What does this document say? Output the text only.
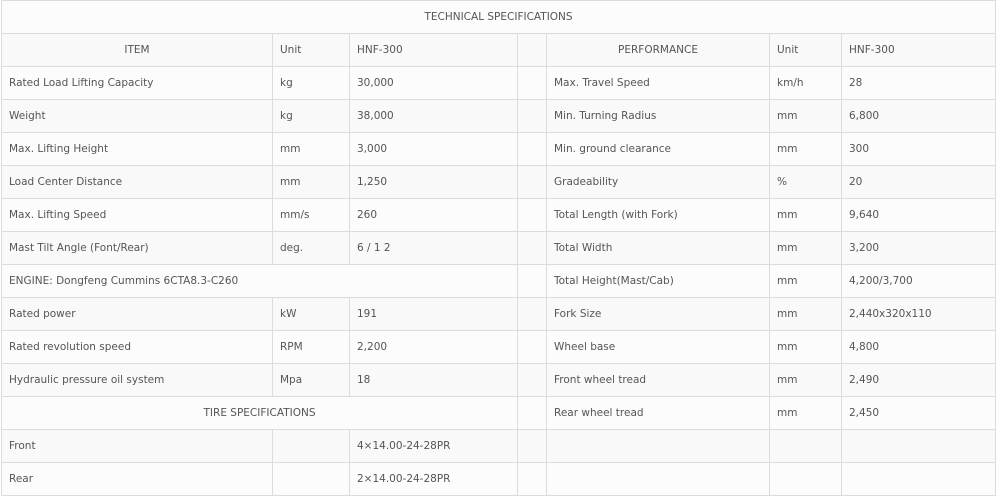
TECHNICAL SPECIFICATIONS						
ITEM	Unit	HNF-300		PERFORMANCE	Unit	HNF-300
Rated Load Lifting Capacity	kg	30,000		Max. Travel Speed	km/h	28
Weight	kg	38,000		Min. Turning Radius	mm	6,800
Max. Lifting Height	mm	3,000		Min. ground clearance	mm	300
Load Center Distance	mm	1,250		Gradeability	%	20
Max. Lifting Speed	mm/s	260		Total Length (with Fork)	mm	9,640
Mast Tilt Angle (Font/Rear)	deg.	6 / 1 2		Total Width	mm	3,200
ENGINE: Dongfeng Cummins 6CTA8.3-C260				Total Height(Mast/Cab)	mm	4,200/3,700
Rated power	kW	191		Fork Size	mm	2,440x320x110
Rated revolution speed	RPM	2,200		Wheel base	mm	4,800
Hydraulic pressure oil system	Mpa	18		Front wheel tread	mm	2,490
TIRE SPECIFICATIONS				Rear wheel tread	mm	2,450
Front		4×14.00-24-28PR				
Rear		2×14.00-24-28PR				
